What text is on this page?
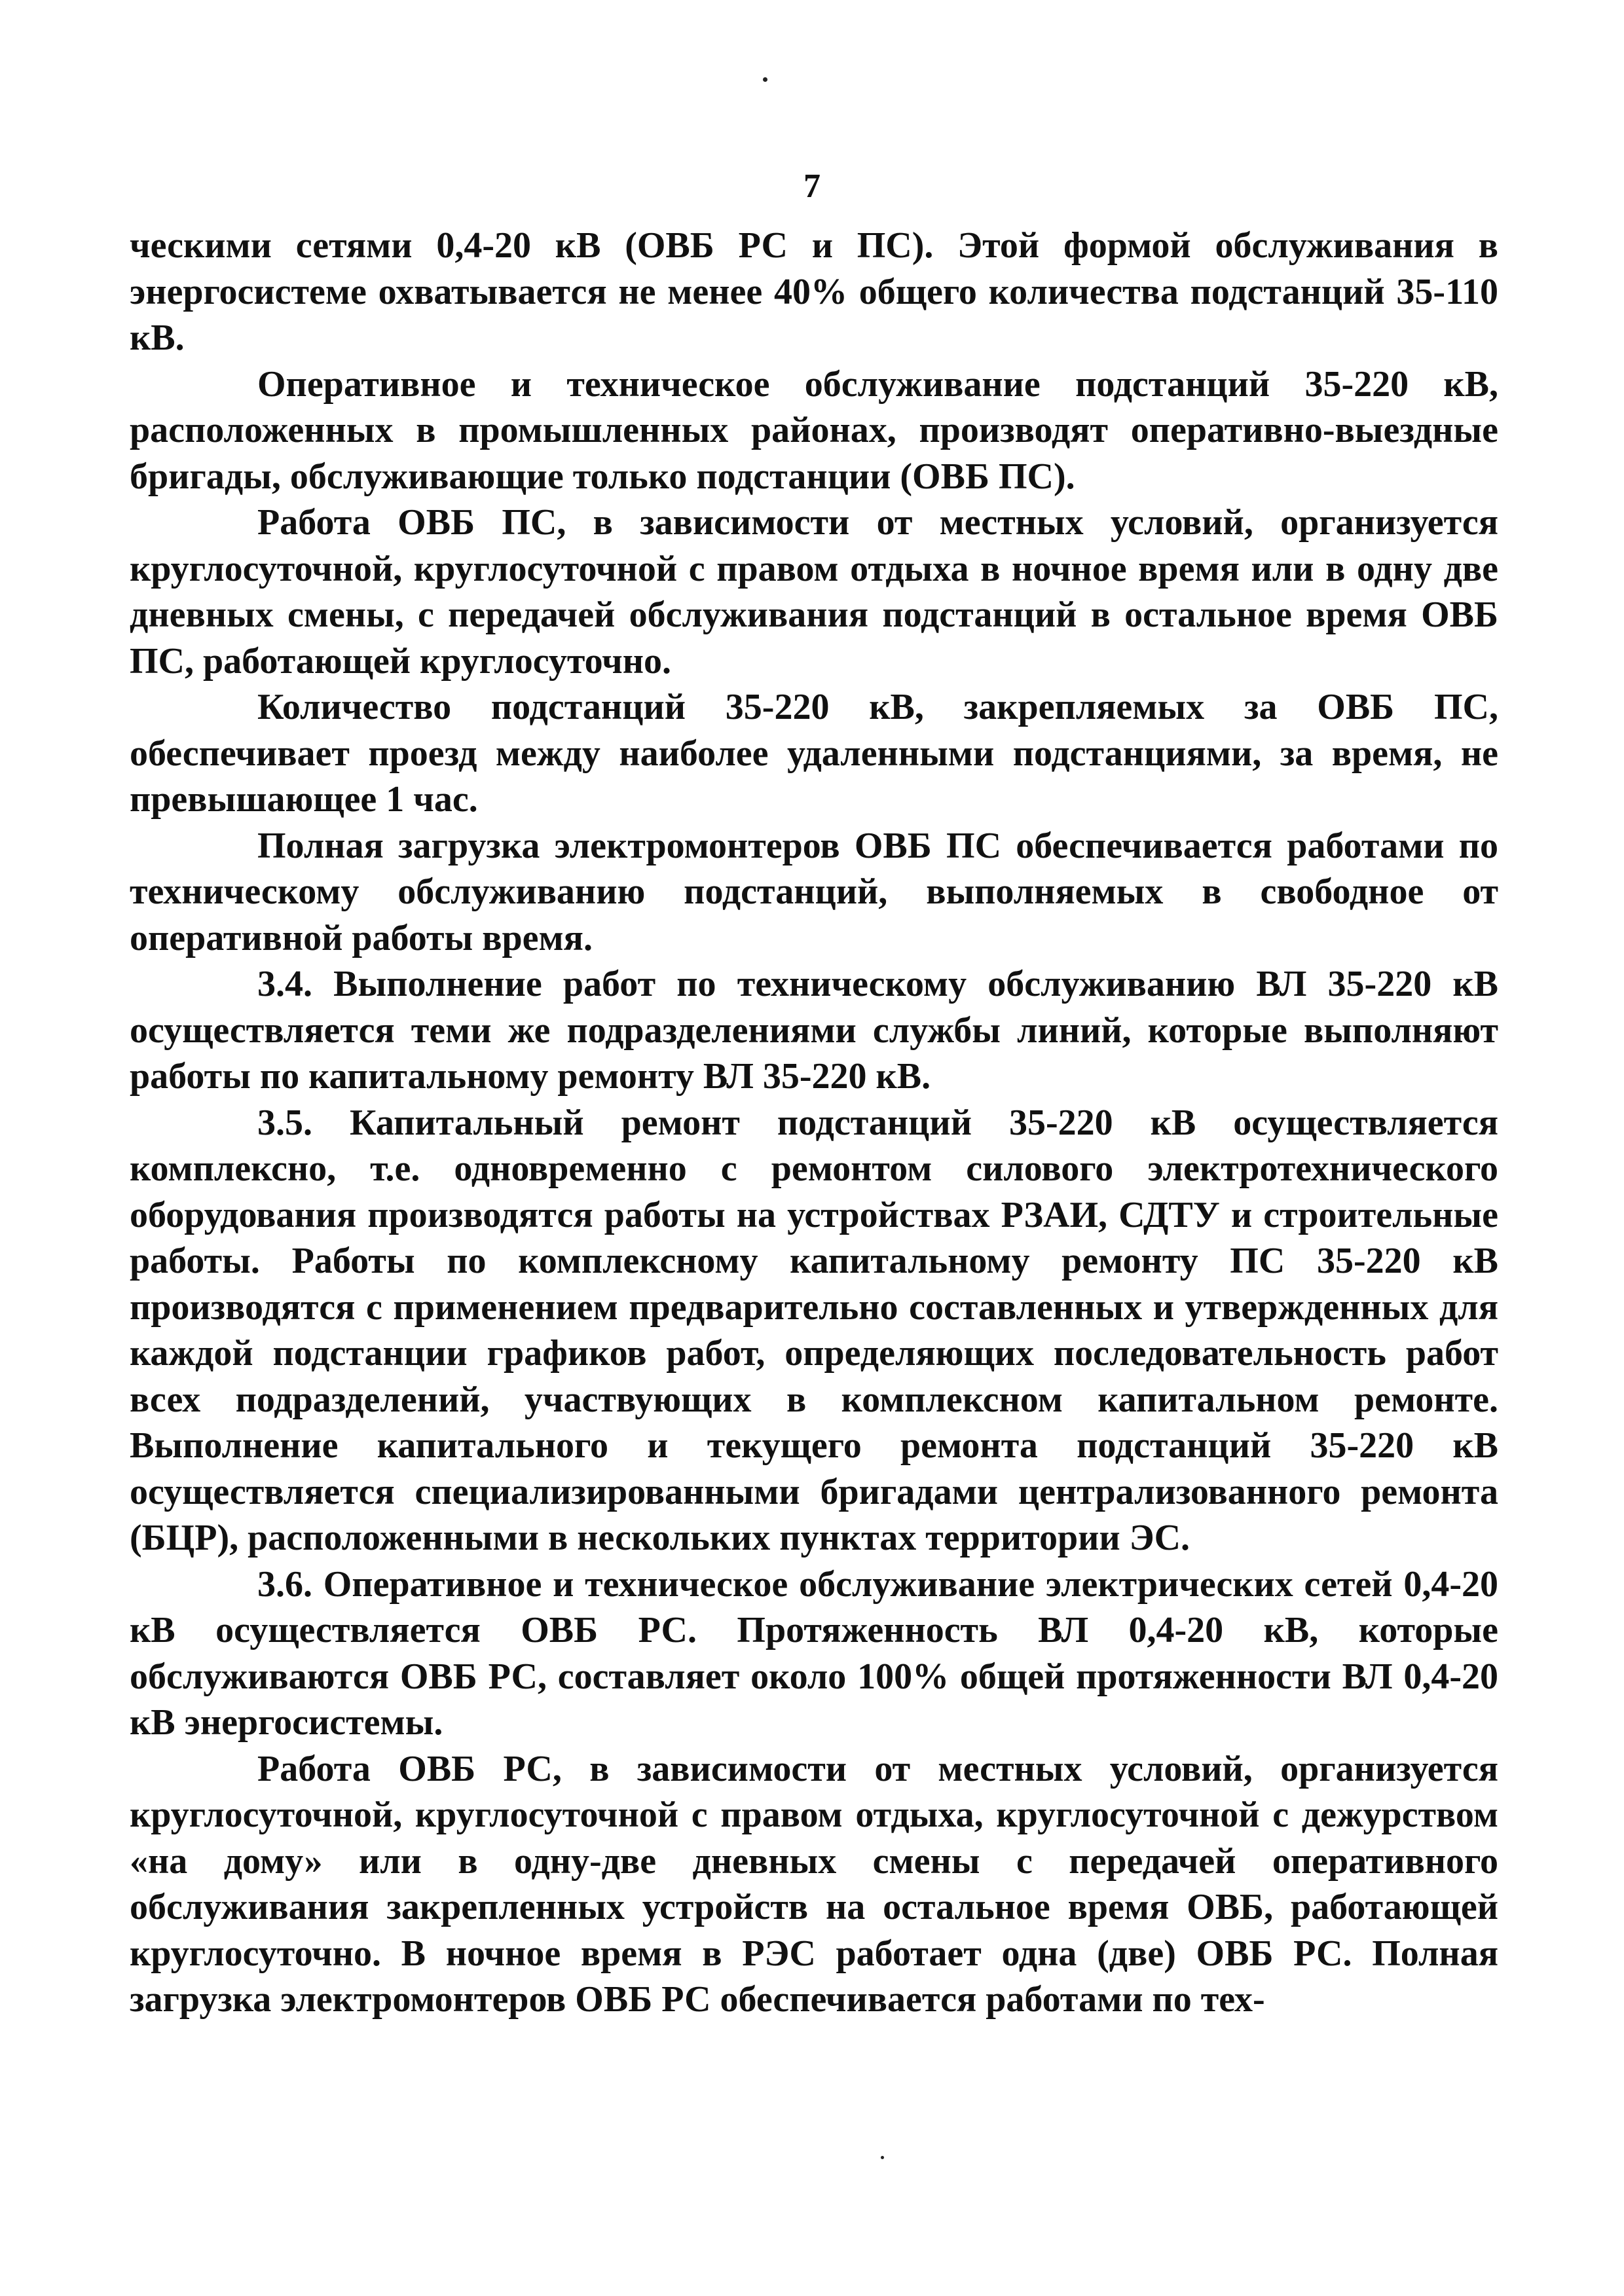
7

ческими сетями 0,4-20 кВ (ОВБ РС и ПС). Этой формой обслуживания в энергосистеме охватывается не менее 40% общего количества подстанций 35-110 кВ.

Оперативное и техническое обслуживание подстанций 35-220 кВ, расположенных в промышленных районах, производят оперативно-выездные бригады, обслуживающие только подстанции (ОВБ ПС).

Работа ОВБ ПС, в зависимости от местных условий, организуется круглосуточной, круглосуточной с правом отдыха в ночное время или в одну две дневных смены, с передачей обслуживания подстанций в остальное время ОВБ ПС, работающей круглосуточно.

Количество подстанций 35-220 кВ, закрепляемых за ОВБ ПС, обеспечивает проезд между наиболее удаленными подстанциями, за время, не превышающее 1 час.

Полная загрузка электромонтеров ОВБ ПС обеспечивается работами по техническому обслуживанию подстанций, выполняемых в свободное от оперативной работы время.

3.4. Выполнение работ по техническому обслуживанию ВЛ 35-220 кВ осуществляется теми же подразделениями службы линий, которые выполняют работы по капитальному ремонту ВЛ 35-220 кВ.

3.5. Капитальный ремонт подстанций 35-220 кВ осуществляется комплексно, т.е. одновременно с ремонтом силового электротехнического оборудования производятся работы на устройствах РЗАИ, СДТУ и строительные работы. Работы по комплексному капитальному ремонту ПС 35-220 кВ производятся с применением предварительно составленных и утвержденных для каждой подстанции графиков работ, определяющих последовательность работ всех подразделений, участвующих в комплексном капитальном ремонте. Выполнение капитального и текущего ремонта подстанций 35-220 кВ осуществляется специализированными бригадами централизованного ремонта (БЦР), расположенными в нескольких пунктах территории ЭС.

3.6. Оперативное и техническое обслуживание электрических сетей 0,4-20 кВ осуществляется ОВБ РС. Протяженность ВЛ 0,4-20 кВ, которые обслуживаются ОВБ РС, составляет около 100% общей протяженности ВЛ 0,4-20 кВ энергосистемы.

Работа ОВБ РС, в зависимости от местных условий, организуется круглосуточной, круглосуточной с правом отдыха, круглосуточной с дежурством «на дому» или в одну-две дневных смены с передачей оперативного обслуживания закрепленных устройств на остальное время ОВБ, работающей круглосуточно. В ночное время в РЭС работает одна (две) ОВБ РС. Полная загрузка электромонтеров ОВБ РС обеспечивается работами по тех-
